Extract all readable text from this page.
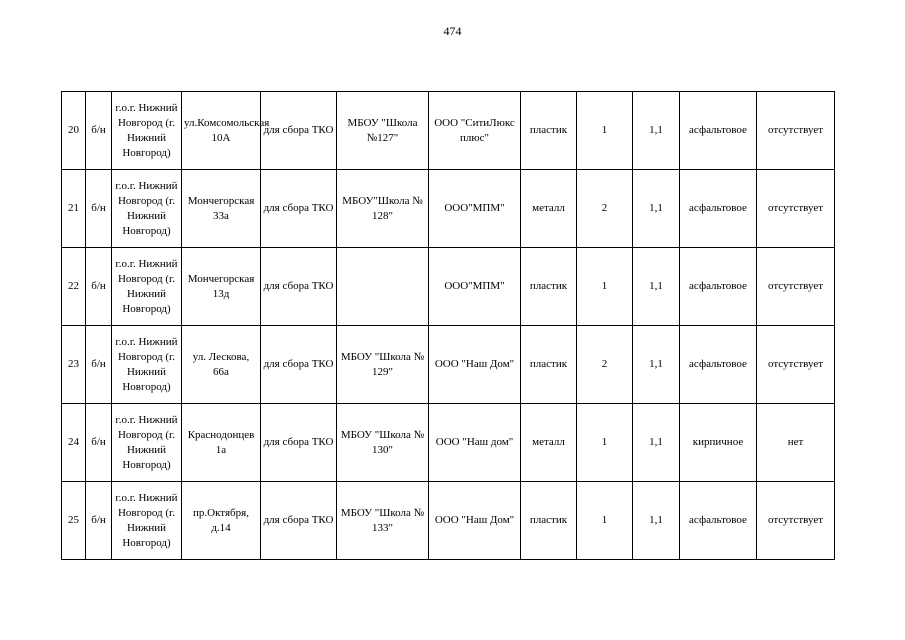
474
20	б/н	г.о.г. Нижний Новгород (г. Нижний Новгород)	ул.Комсомольская 10А	для сбора ТКО	МБОУ "Школа №127"	ООО "СитиЛюкс плюс"	пластик	1	1,1	асфальтовое	отсутствует
21	б/н	г.о.г. Нижний Новгород (г. Нижний Новгород)	Мончегорская 33а	для сбора ТКО	МБОУ"Школа № 128"	ООО"МПМ"	металл	2	1,1	асфальтовое	отсутствует
22	б/н	г.о.г. Нижний Новгород (г. Нижний Новгород)	Мончегорская 13д	для сбора ТКО		ООО"МПМ"	пластик	1	1,1	асфальтовое	отсутствует
23	б/н	г.о.г. Нижний Новгород (г. Нижний Новгород)	ул. Лескова, 66а	для сбора ТКО	МБОУ "Школа № 129"	ООО "Наш Дом"	пластик	2	1,1	асфальтовое	отсутствует
24	б/н	г.о.г. Нижний Новгород (г. Нижний Новгород)	Краснодонцев 1а	для сбора ТКО	МБОУ "Школа № 130"	ООО "Наш дом"	металл	1	1,1	кирпичное	нет
25	б/н	г.о.г. Нижний Новгород (г. Нижний Новгород)	пр.Октября, д.14	для сбора ТКО	МБОУ "Школа № 133"	ООО "Наш Дом"	пластик	1	1,1	асфальтовое	отсутствует
